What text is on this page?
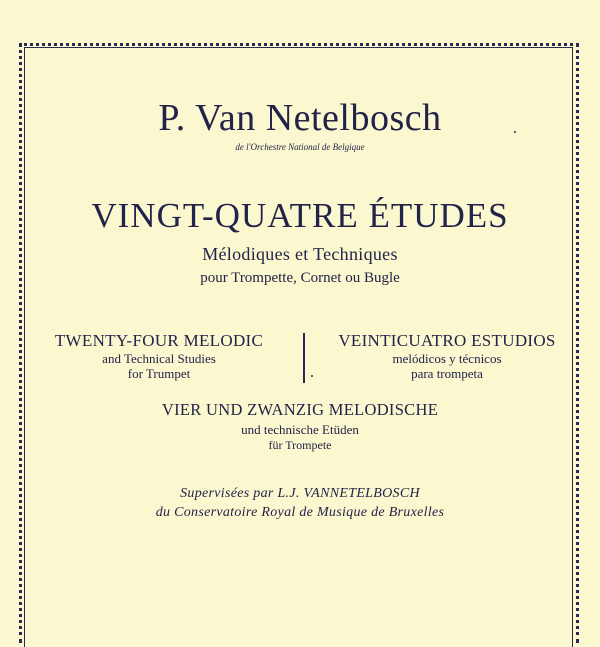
P. Van Netelbosch
de l'Orchestre National de Belgique
VINGT-QUATRE ÉTUDES
Mélodiques et Techniques
pour Trompette, Cornet ou Bugle
TWENTY-FOUR MELODIC
and Technical Studies
for Trumpet
VEINTICUATRO ESTUDIOS
melódicos y técnicos
para trompeta
VIER UND ZWANZIG MELODISCHE
und technische Etüden
für Trompete
Supervisées par L.J. VANNETELBOSCH
du Conservatoire Royal de Musique de Bruxelles
